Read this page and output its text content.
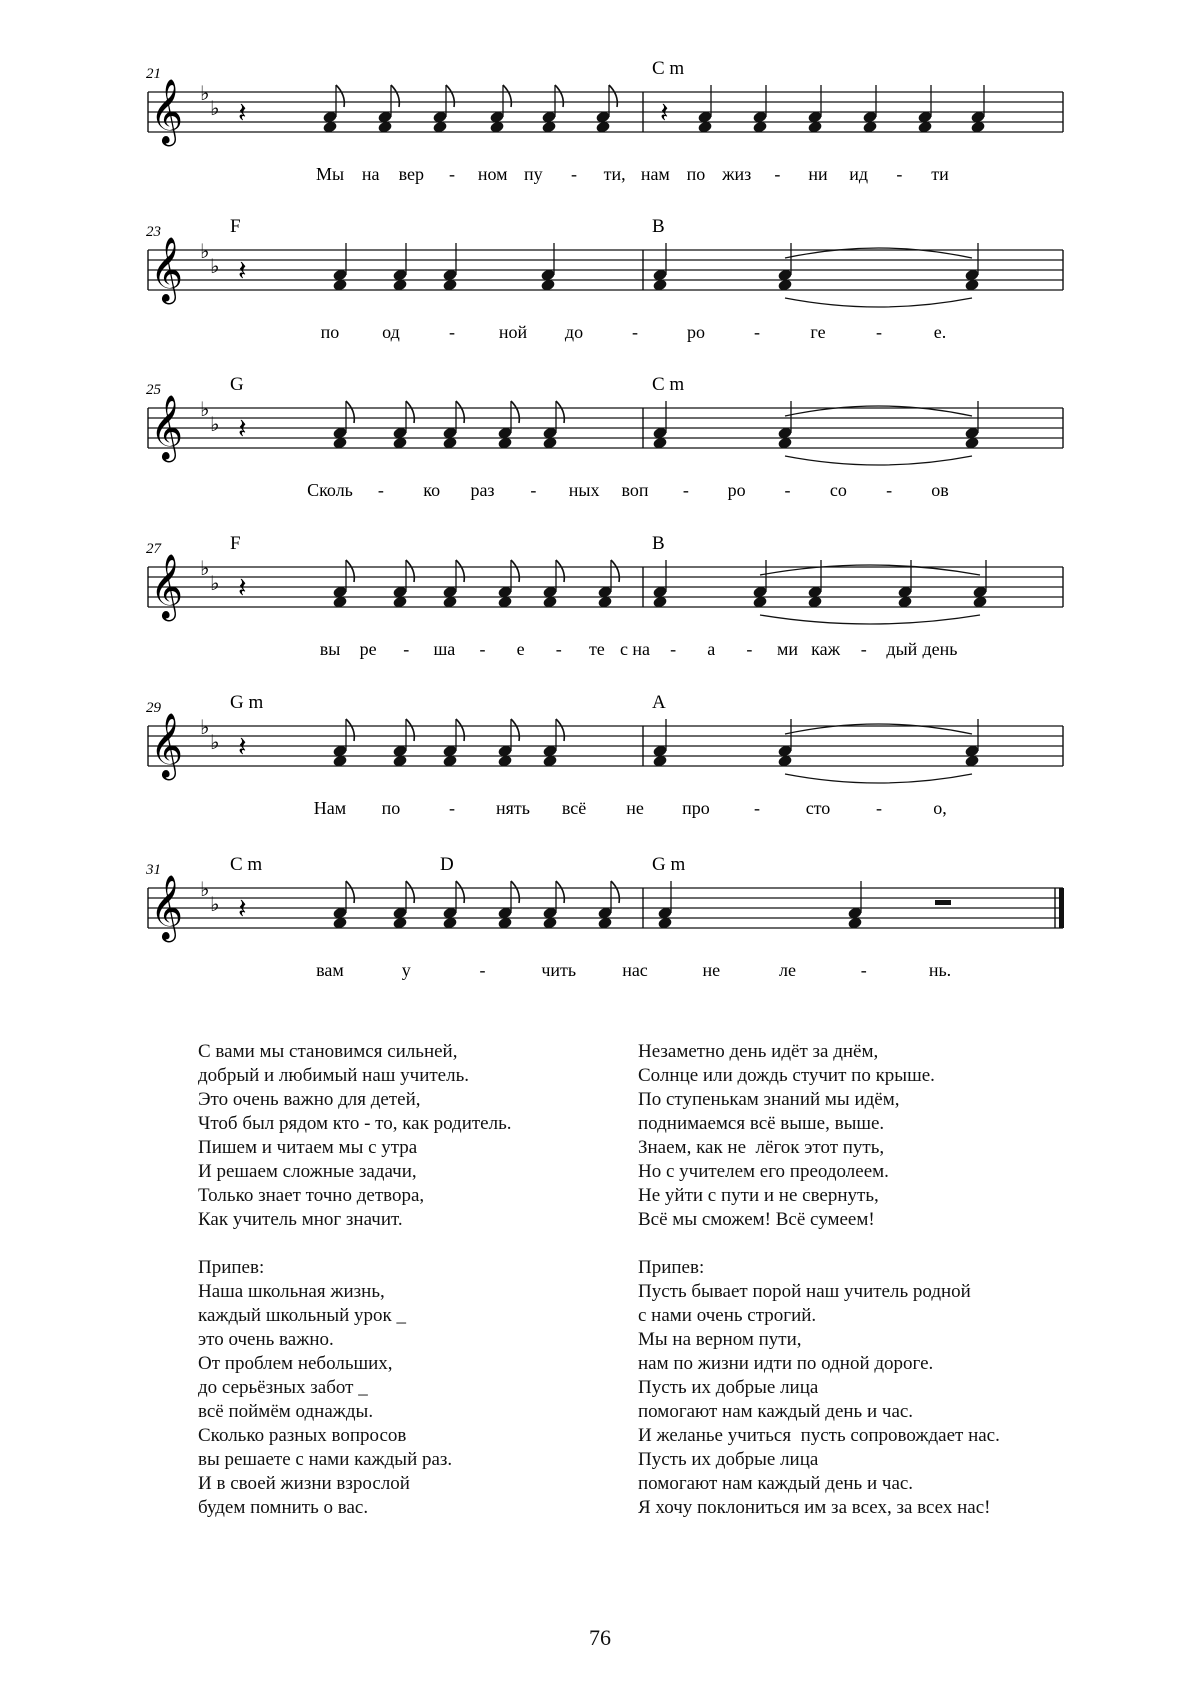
𝄞 ♭
♭
21
𝄽	𝄽
C m
Мы на вер - ном пу - ти, нам по жиз - ни ид - ти
𝄞 ♭
♭
23
𝄽
F	B
по од	- ной до	-	ро	-	ге	-	е.
𝄞 ♭
♭
25
𝄽
G	C m
Сколь - ко раз - ных воп - ро - со - ов
𝄞 ♭
♭
27
𝄽
F	B
вы ре - ша - е - те с на - а - ми каж - дый день
𝄞 ♭
♭
29
𝄽
G m	A
Нам по	- нять всё не про -	сто	-	о,
𝄞 ♭
♭
31
𝄽
C m	D	G m
вам	у	-	чить	нас	не	ле	-	нь.
С вами мы становимся сильней,
добрый и любимый наш учитель.
Это очень важно для детей,
Чтоб был рядом кто - то, как родитель.
Пишем и читаем мы с утра
И решаем сложные задачи,
Только знает точно детвора,
Как учитель мног значит.
Припев:
Наша школьная жизнь,
каждый школьный урок _
это очень важно.
От проблем небольших,
до серьёзных забот _
всё поймём однажды.
Сколько разных вопросов
вы решаете с нами каждый раз.
И в своей жизни взрослой
будем помнить о вас.
Незаметно день идёт за днём,
Солнце или дождь стучит по крыше.
По ступенькам знаний мы идём,
поднимаемся всё выше, выше.
Знаем, как не  лёгок этот путь,
Но с учителем его преодолеем.
Не уйти с пути и не свернуть,
Всё мы сможем! Всё сумеем!
Припев:
Пусть бывает порой наш учитель родной
с нами очень строгий.
Мы на верном пути,
нам по жизни идти по одной дороге.
Пусть их добрые лица
помогают нам каждый день и час.
И желанье учиться  пусть сопровождает нас.
Пусть их добрые лица
помогают нам каждый день и час.
Я хочу поклониться им за всех, за всех нас!
76
